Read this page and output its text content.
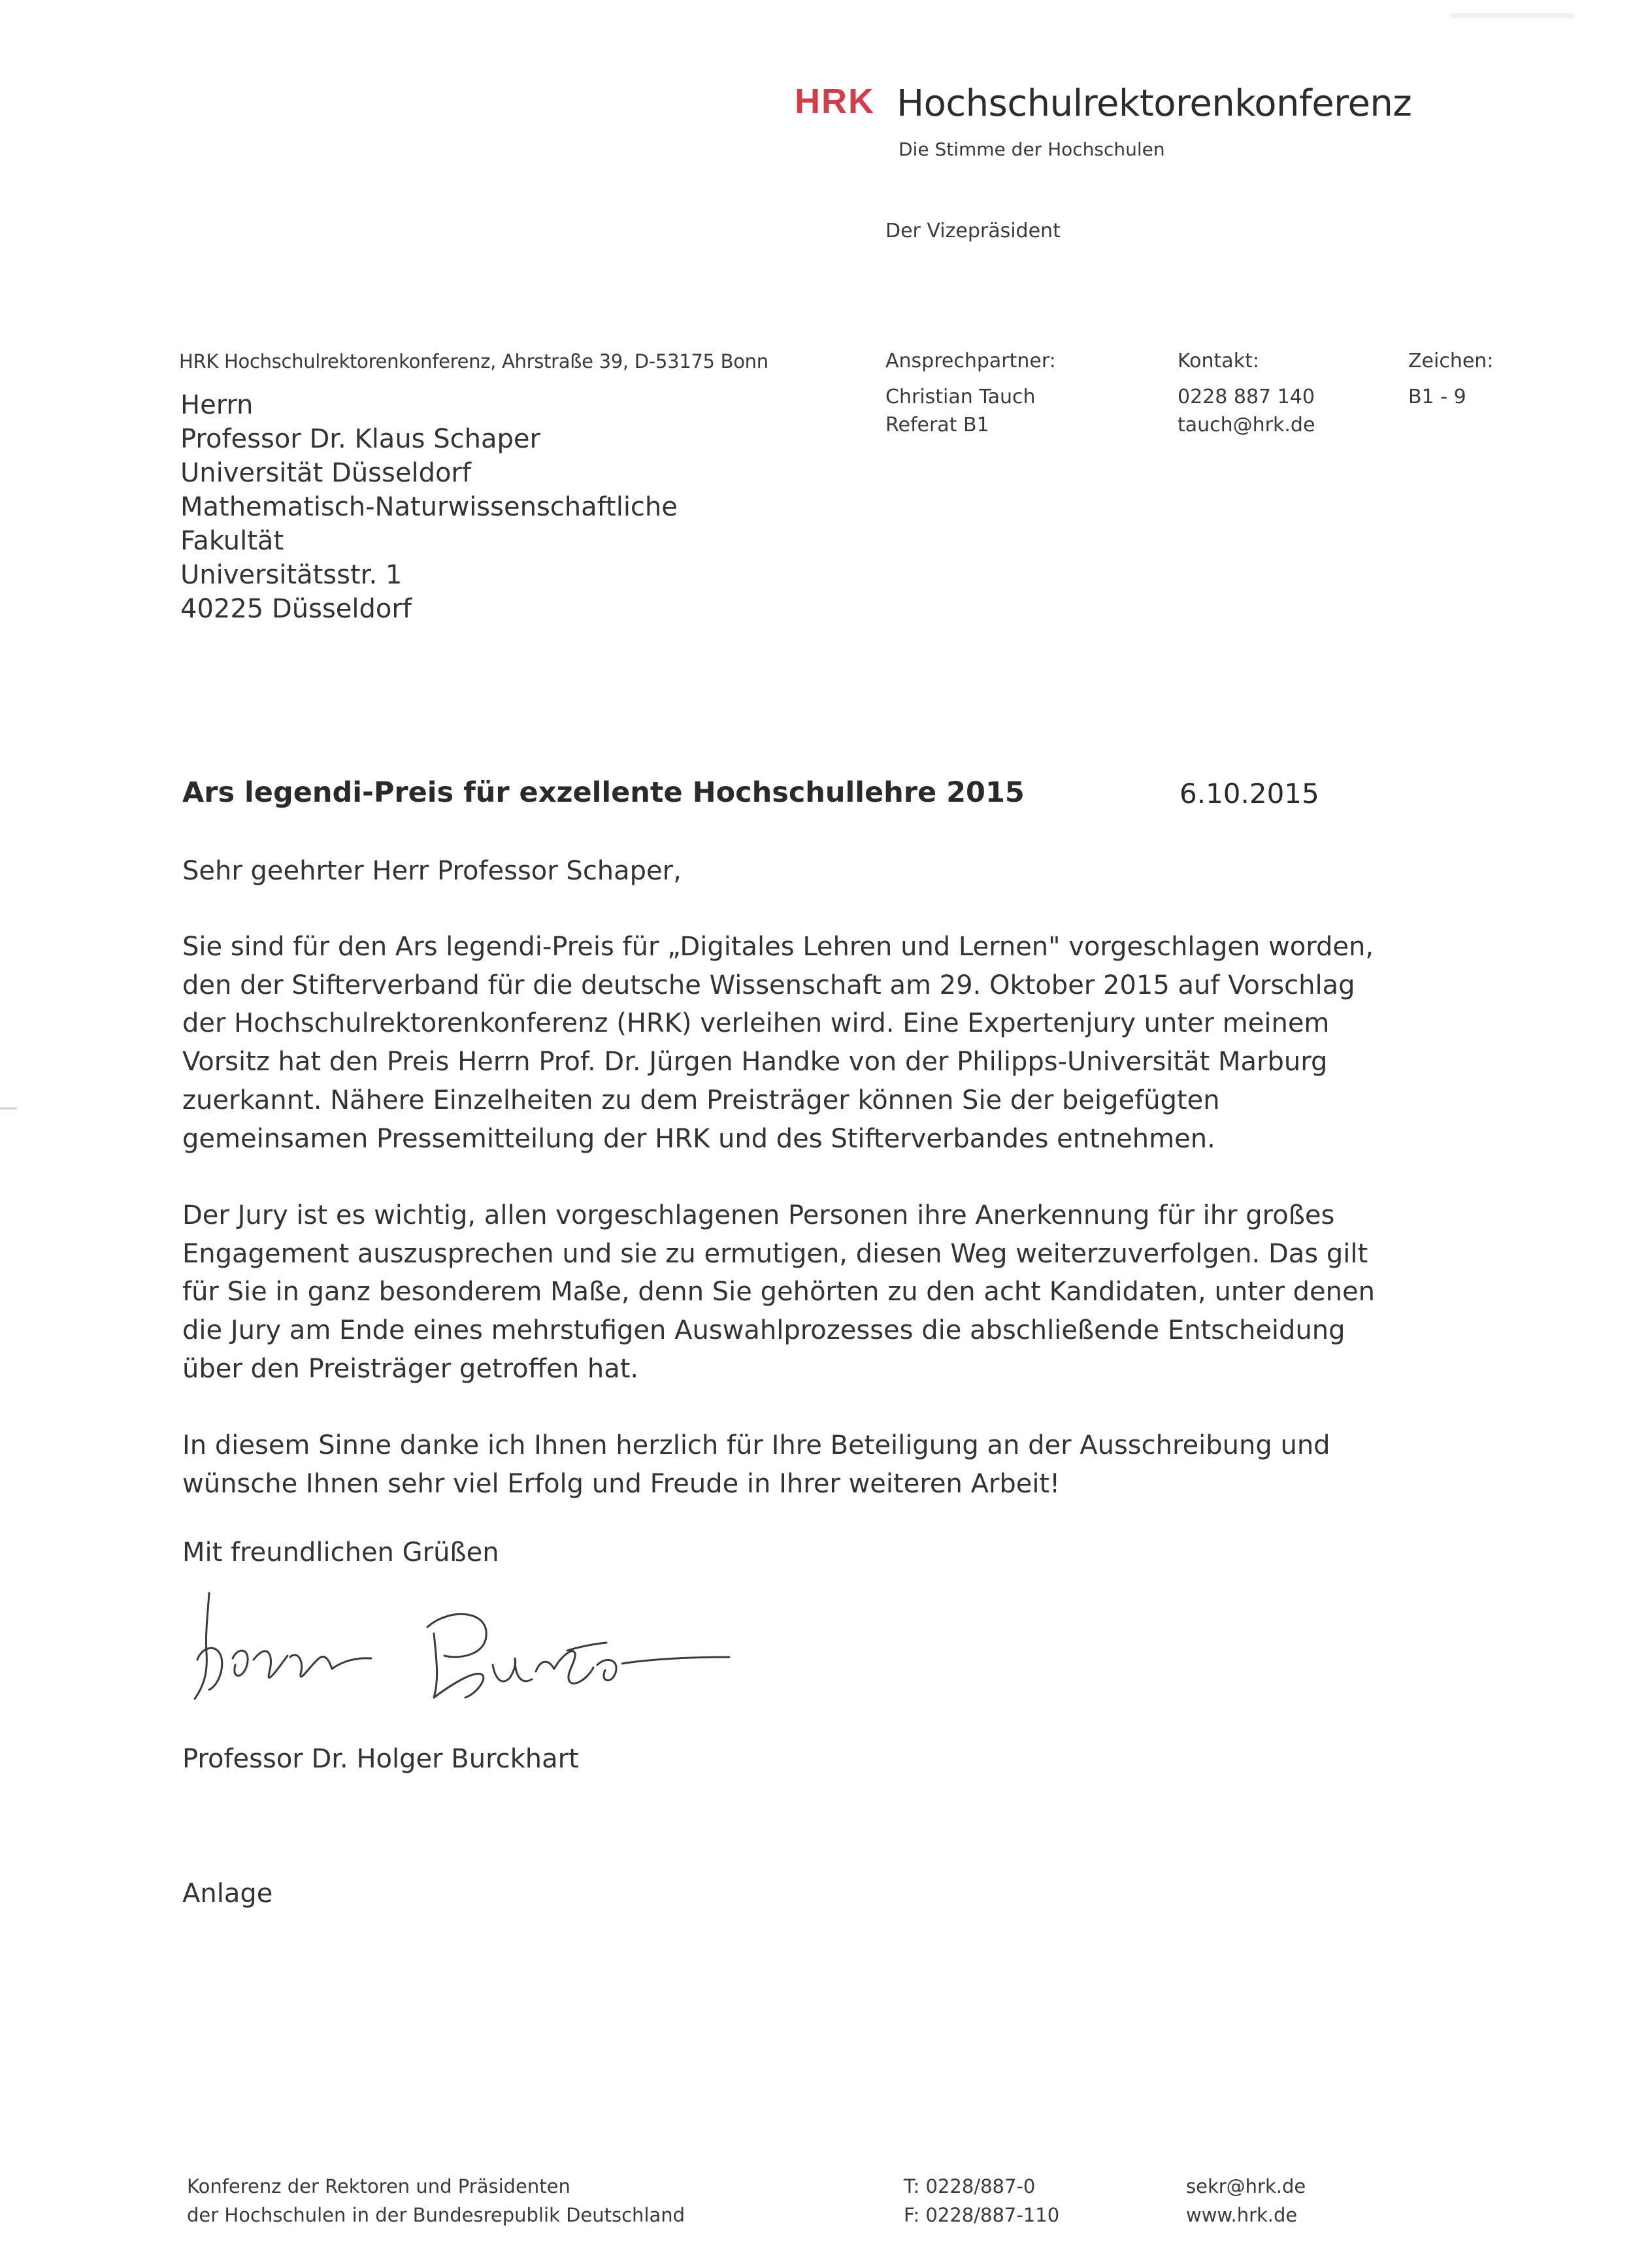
HRK Hochschulrektorenkonferenz
Die Stimme der Hochschulen
Der Vizepräsident
HRK Hochschulrektorenkonferenz, Ahrstraße 39, D-53175 Bonn
Herrn
Professor Dr. Klaus Schaper
Universität Düsseldorf
Mathematisch-Naturwissenschaftliche
Fakultät
Universitätsstr. 1
40225 Düsseldorf
Ansprechpartner:
Christian Tauch
Referat B1
Kontakt:
0228 887 140
tauch@hrk.de
Zeichen:
B1 - 9
Ars legendi-Preis für exzellente Hochschullehre 2015	6.10.2015
Sehr geehrter Herr Professor Schaper,
Sie sind für den Ars legendi-Preis für „Digitales Lehren und Lernen" vorgeschlagen worden,
den der Stifterverband für die deutsche Wissenschaft am 29. Oktober 2015 auf Vorschlag
der Hochschulrektorenkonferenz (HRK) verleihen wird. Eine Expertenjury unter meinem
Vorsitz hat den Preis Herrn Prof. Dr. Jürgen Handke von der Philipps-Universität Marburg
zuerkannt. Nähere Einzelheiten zu dem Preisträger können Sie der beigefügten
gemeinsamen Pressemitteilung der HRK und des Stifterverbandes entnehmen.
Der Jury ist es wichtig, allen vorgeschlagenen Personen ihre Anerkennung für ihr großes
Engagement auszusprechen und sie zu ermutigen, diesen Weg weiterzuverfolgen. Das gilt
für Sie in ganz besonderem Maße, denn Sie gehörten zu den acht Kandidaten, unter denen
die Jury am Ende eines mehrstufigen Auswahlprozesses die abschließende Entscheidung
über den Preisträger getroffen hat.
In diesem Sinne danke ich Ihnen herzlich für Ihre Beteiligung an der Ausschreibung und
wünsche Ihnen sehr viel Erfolg und Freude in Ihrer weiteren Arbeit!
Mit freundlichen Grüßen
Professor Dr. Holger Burckhart
Anlage
Konferenz der Rektoren und Präsidenten
der Hochschulen in der Bundesrepublik Deutschland
T: 0228/887-0
F: 0228/887-110
sekr@hrk.de
www.hrk.de
